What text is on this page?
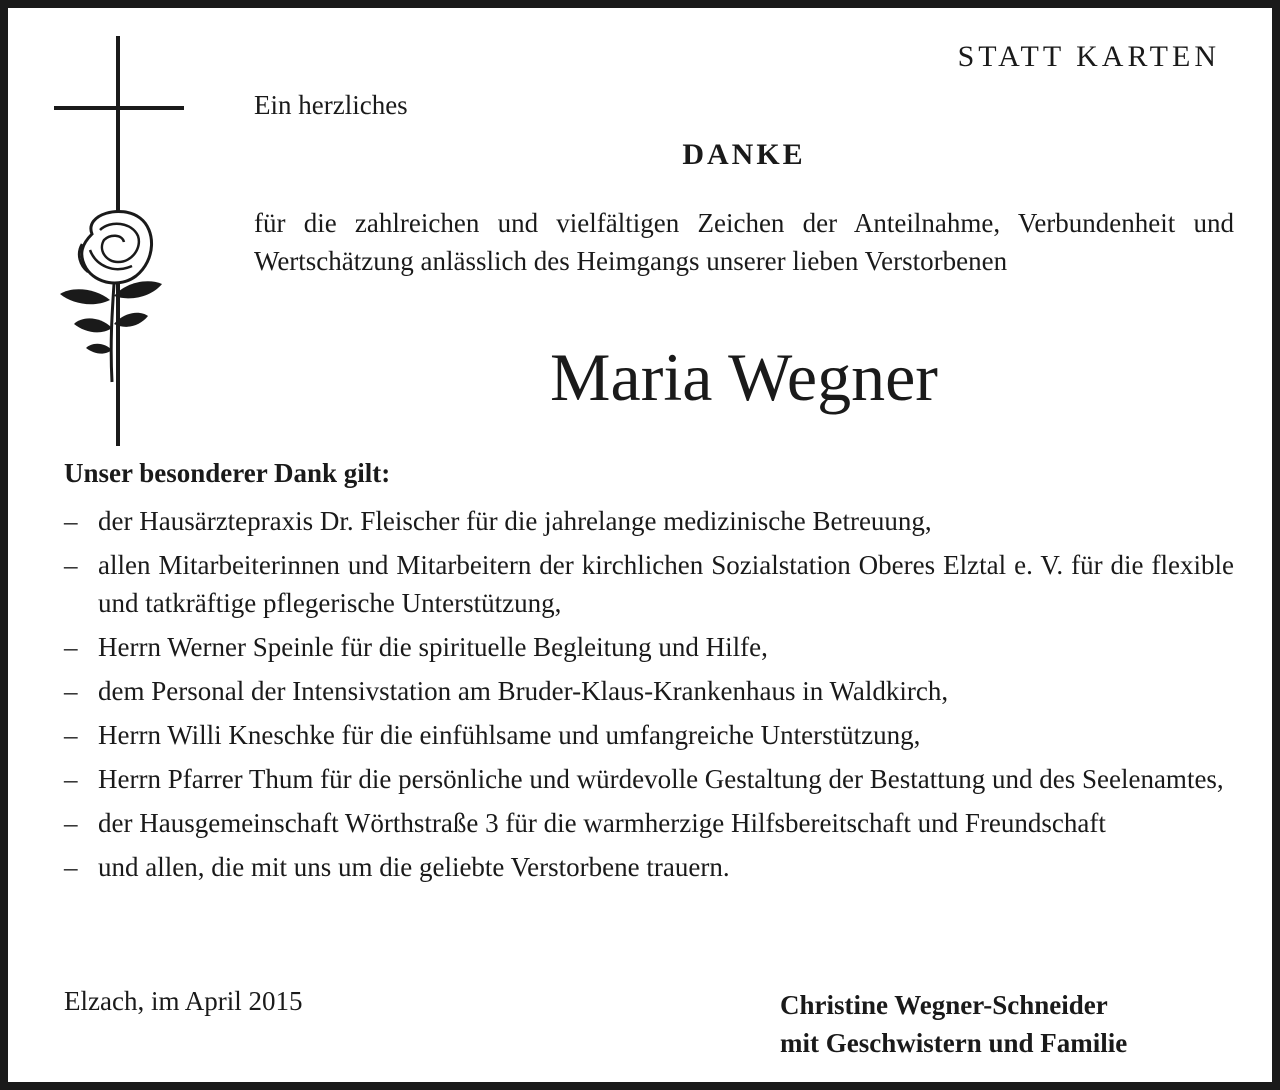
STATT KARTEN
Ein herzliches
DANKE

für die zahlreichen und vielfältigen Zeichen der Anteilnahme, Verbundenheit und Wertschätzung anlässlich des Heimgangs unserer lieben Verstorbenen

Maria Wegner
Unser besonderer Dank gilt:
– der Hausärztepraxis Dr. Fleischer für die jahrelange medizinische Betreuung,
– allen Mitarbeiterinnen und Mitarbeitern der kirchlichen Sozialstation Oberes Elztal e. V. für die flexible und tatkräftige pflegerische Unterstützung,
– Herrn Werner Speinle für die spirituelle Begleitung und Hilfe,
– dem Personal der Intensivstation am Bruder-Klaus-Krankenhaus in Waldkirch,
– Herrn Willi Kneschke für die einfühlsame und umfangreiche Unterstützung,
– Herrn Pfarrer Thum für die persönliche und würdevolle Gestaltung der Bestattung und des Seelenamtes,
– der Hausgemeinschaft Wörthstraße 3 für die warmherzige Hilfsbereitschaft und Freundschaft
– und allen, die mit uns um die geliebte Verstorbene trauern.
Elzach, im April 2015	Christine Wegner-Schneider
mit Geschwistern und Familie
